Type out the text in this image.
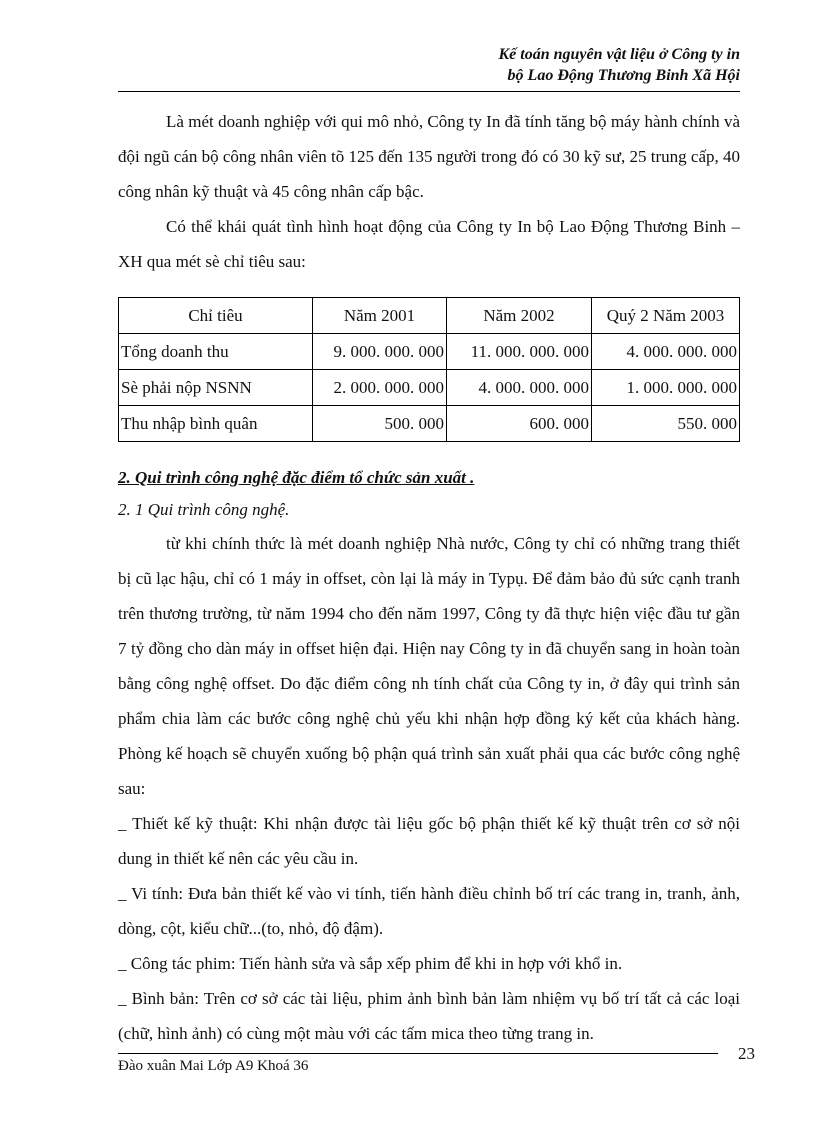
Kế toán nguyên vật liệu ở Công ty in
bộ Lao Động Thương Binh Xã Hội

Là mét doanh nghiệp với qui mô nhỏ, Công ty In đã tính tăng bộ máy hành chính và đội ngũ cán bộ công nhân viên tõ 125 đến 135 người trong đó có 30 kỹ sư, 25 trung cấp, 40 công nhân kỹ thuật và 45 công nhân cấp bậc.

Có thể khái quát tình hình hoạt động của Công ty In bộ Lao Động Thương Binh –XH qua mét sè chỉ tiêu sau:

Chỉ tiêu	Năm 2001	Năm 2002	Quý 2 Năm 2003
Tổng doanh thu	9. 000. 000. 000	11. 000. 000. 000	4. 000. 000. 000
Sè phải nộp NSNN	2. 000. 000. 000	4. 000. 000. 000	1. 000. 000. 000
Thu nhập bình quân	500. 000	600. 000	550. 000

2. Qui trình công nghệ đặc điểm tổ chức sản xuất .

2. 1 Qui trình công nghệ.

từ khi chính thức là mét doanh nghiệp Nhà nước, Công ty chỉ có những trang thiết bị cũ lạc hậu, chỉ có 1 máy in offset, còn lại là máy in Typụ. Để đảm bảo đủ sức cạnh tranh trên thương trường, từ năm 1994 cho đến năm 1997, Công ty đã thực hiện việc đầu tư gần 7 tỷ đồng cho dàn máy in offset hiện đại. Hiện nay Công ty in đã chuyển sang in hoàn toàn bằng công nghệ offset. Do đặc điểm công nh tính chất của Công ty in, ở đây qui trình sản phẩm chia làm các bước công nghệ chủ yếu khi nhận hợp đồng ký kết của khách hàng. Phòng kế hoạch sẽ chuyển xuống bộ phận quá trình sản xuất phải qua các bước công nghệ sau:

_ Thiết kế kỹ thuật: Khi nhận được tài liệu gốc bộ phận thiết kế kỹ thuật trên cơ sở nội dung in thiết kế nên các yêu cầu in.

_ Vi tính: Đưa bản thiết kế vào vi tính, tiến hành điều chỉnh bố trí các trang in, tranh, ảnh, dòng, cột, kiểu chữ...(to, nhỏ, độ đậm).

_ Công tác phim: Tiến hành sửa và sắp xếp phim để khi in hợp với khổ in.

_ Bình bản: Trên cơ sở các tài liệu, phim ảnh bình bản làm nhiệm vụ bố trí tất cả các loại (chữ, hình ảnh) có cùng một màu với các tấm mica theo từng trang in.

Đào xuân Mai Lớp A9 Khoá 36
23
